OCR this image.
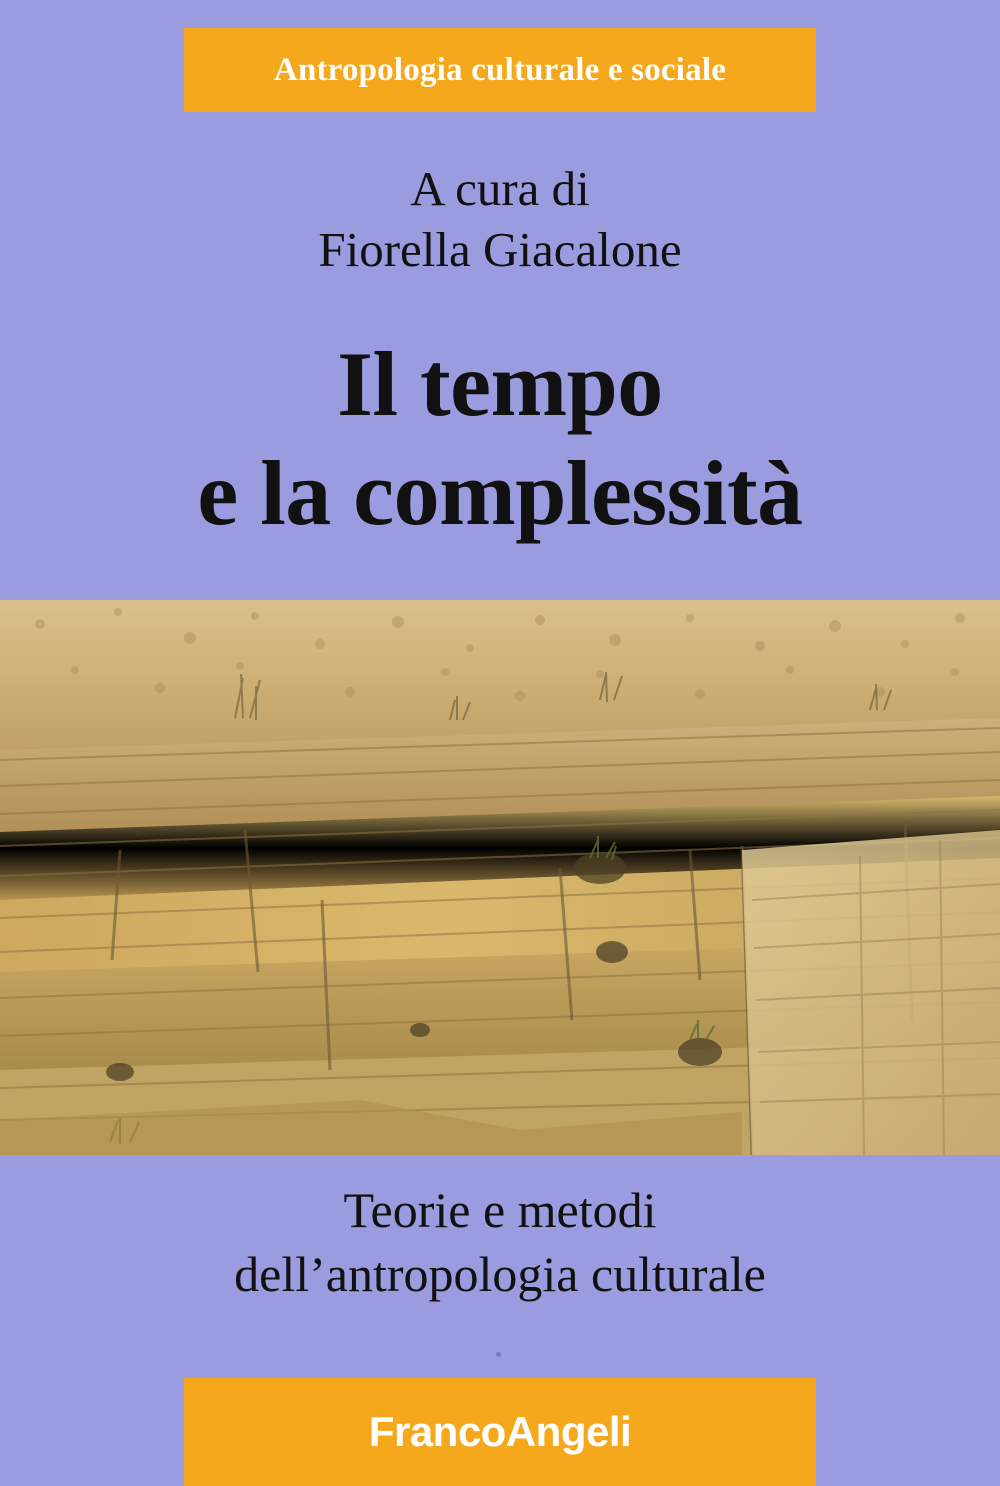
Antropologia culturale e sociale
A cura di
Fiorella Giacalone
Il tempo
e la complessità
Teorie e metodi
dell’antropologia culturale
FrancoAngeli
